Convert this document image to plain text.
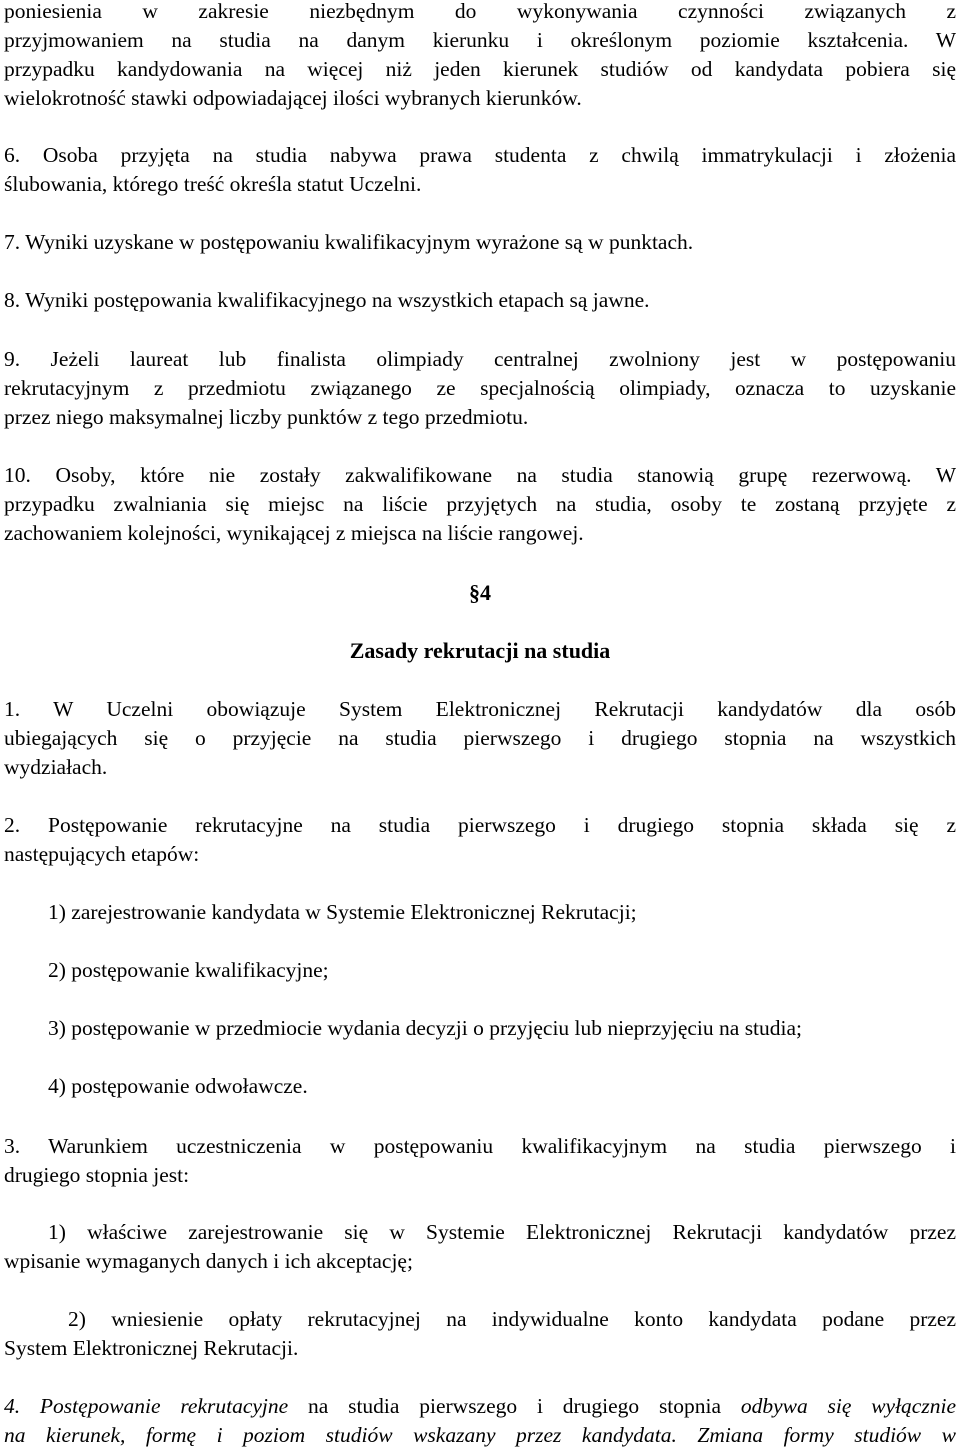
poniesienia w zakresie niezbędnym do wykonywania czynności związanych z

przyjmowaniem na studia na danym kierunku i określonym poziomie kształcenia. W

przypadku kandydowania na więcej niż jeden kierunek studiów od kandydata pobiera się

wielokrotność stawki odpowiadającej ilości wybranych kierunków.

6. Osoba przyjęta na studia nabywa prawa studenta z chwilą immatrykulacji i złożenia

ślubowania, którego treść określa statut Uczelni.

7. Wyniki uzyskane w postępowaniu kwalifikacyjnym wyrażone są w punktach.

8. Wyniki postępowania kwalifikacyjnego na wszystkich etapach są jawne.

9. Jeżeli laureat lub finalista olimpiady centralnej zwolniony jest w postępowaniu

rekrutacyjnym z przedmiotu związanego ze specjalnością olimpiady, oznacza to uzyskanie

przez niego maksymalnej liczby punktów z tego przedmiotu.

10. Osoby, które nie zostały zakwalifikowane na studia stanowią grupę rezerwową. W

przypadku zwalniania się miejsc na liście przyjętych na studia, osoby te zostaną przyjęte z

zachowaniem kolejności, wynikającej z miejsca na liście rangowej.

§4

Zasady rekrutacji na studia

1. W Uczelni obowiązuje System Elektronicznej Rekrutacji kandydatów dla osób

ubiegających się o przyjęcie na studia pierwszego i drugiego stopnia na wszystkich

wydziałach.

2. Postępowanie rekrutacyjne na studia pierwszego i drugiego stopnia składa się z

następujących etapów:

1) zarejestrowanie kandydata w Systemie Elektronicznej Rekrutacji;

2) postępowanie kwalifikacyjne;

3) postępowanie w przedmiocie wydania decyzji o przyjęciu lub nieprzyjęciu na studia;

4) postępowanie odwoławcze.

3. Warunkiem uczestniczenia w postępowaniu kwalifikacyjnym na studia pierwszego i

drugiego stopnia jest:

1) właściwe zarejestrowanie się w Systemie Elektronicznej Rekrutacji kandydatów przez

wpisanie wymaganych danych i ich akceptację;

2) wniesienie opłaty rekrutacyjnej na indywidualne konto kandydata podane przez

System Elektronicznej Rekrutacji.

4. Postępowanie rekrutacyjne na studia pierwszego i drugiego stopnia odbywa się wyłącznie

na kierunek, formę i poziom studiów wskazany przez kandydata. Zmiana formy studiów w
